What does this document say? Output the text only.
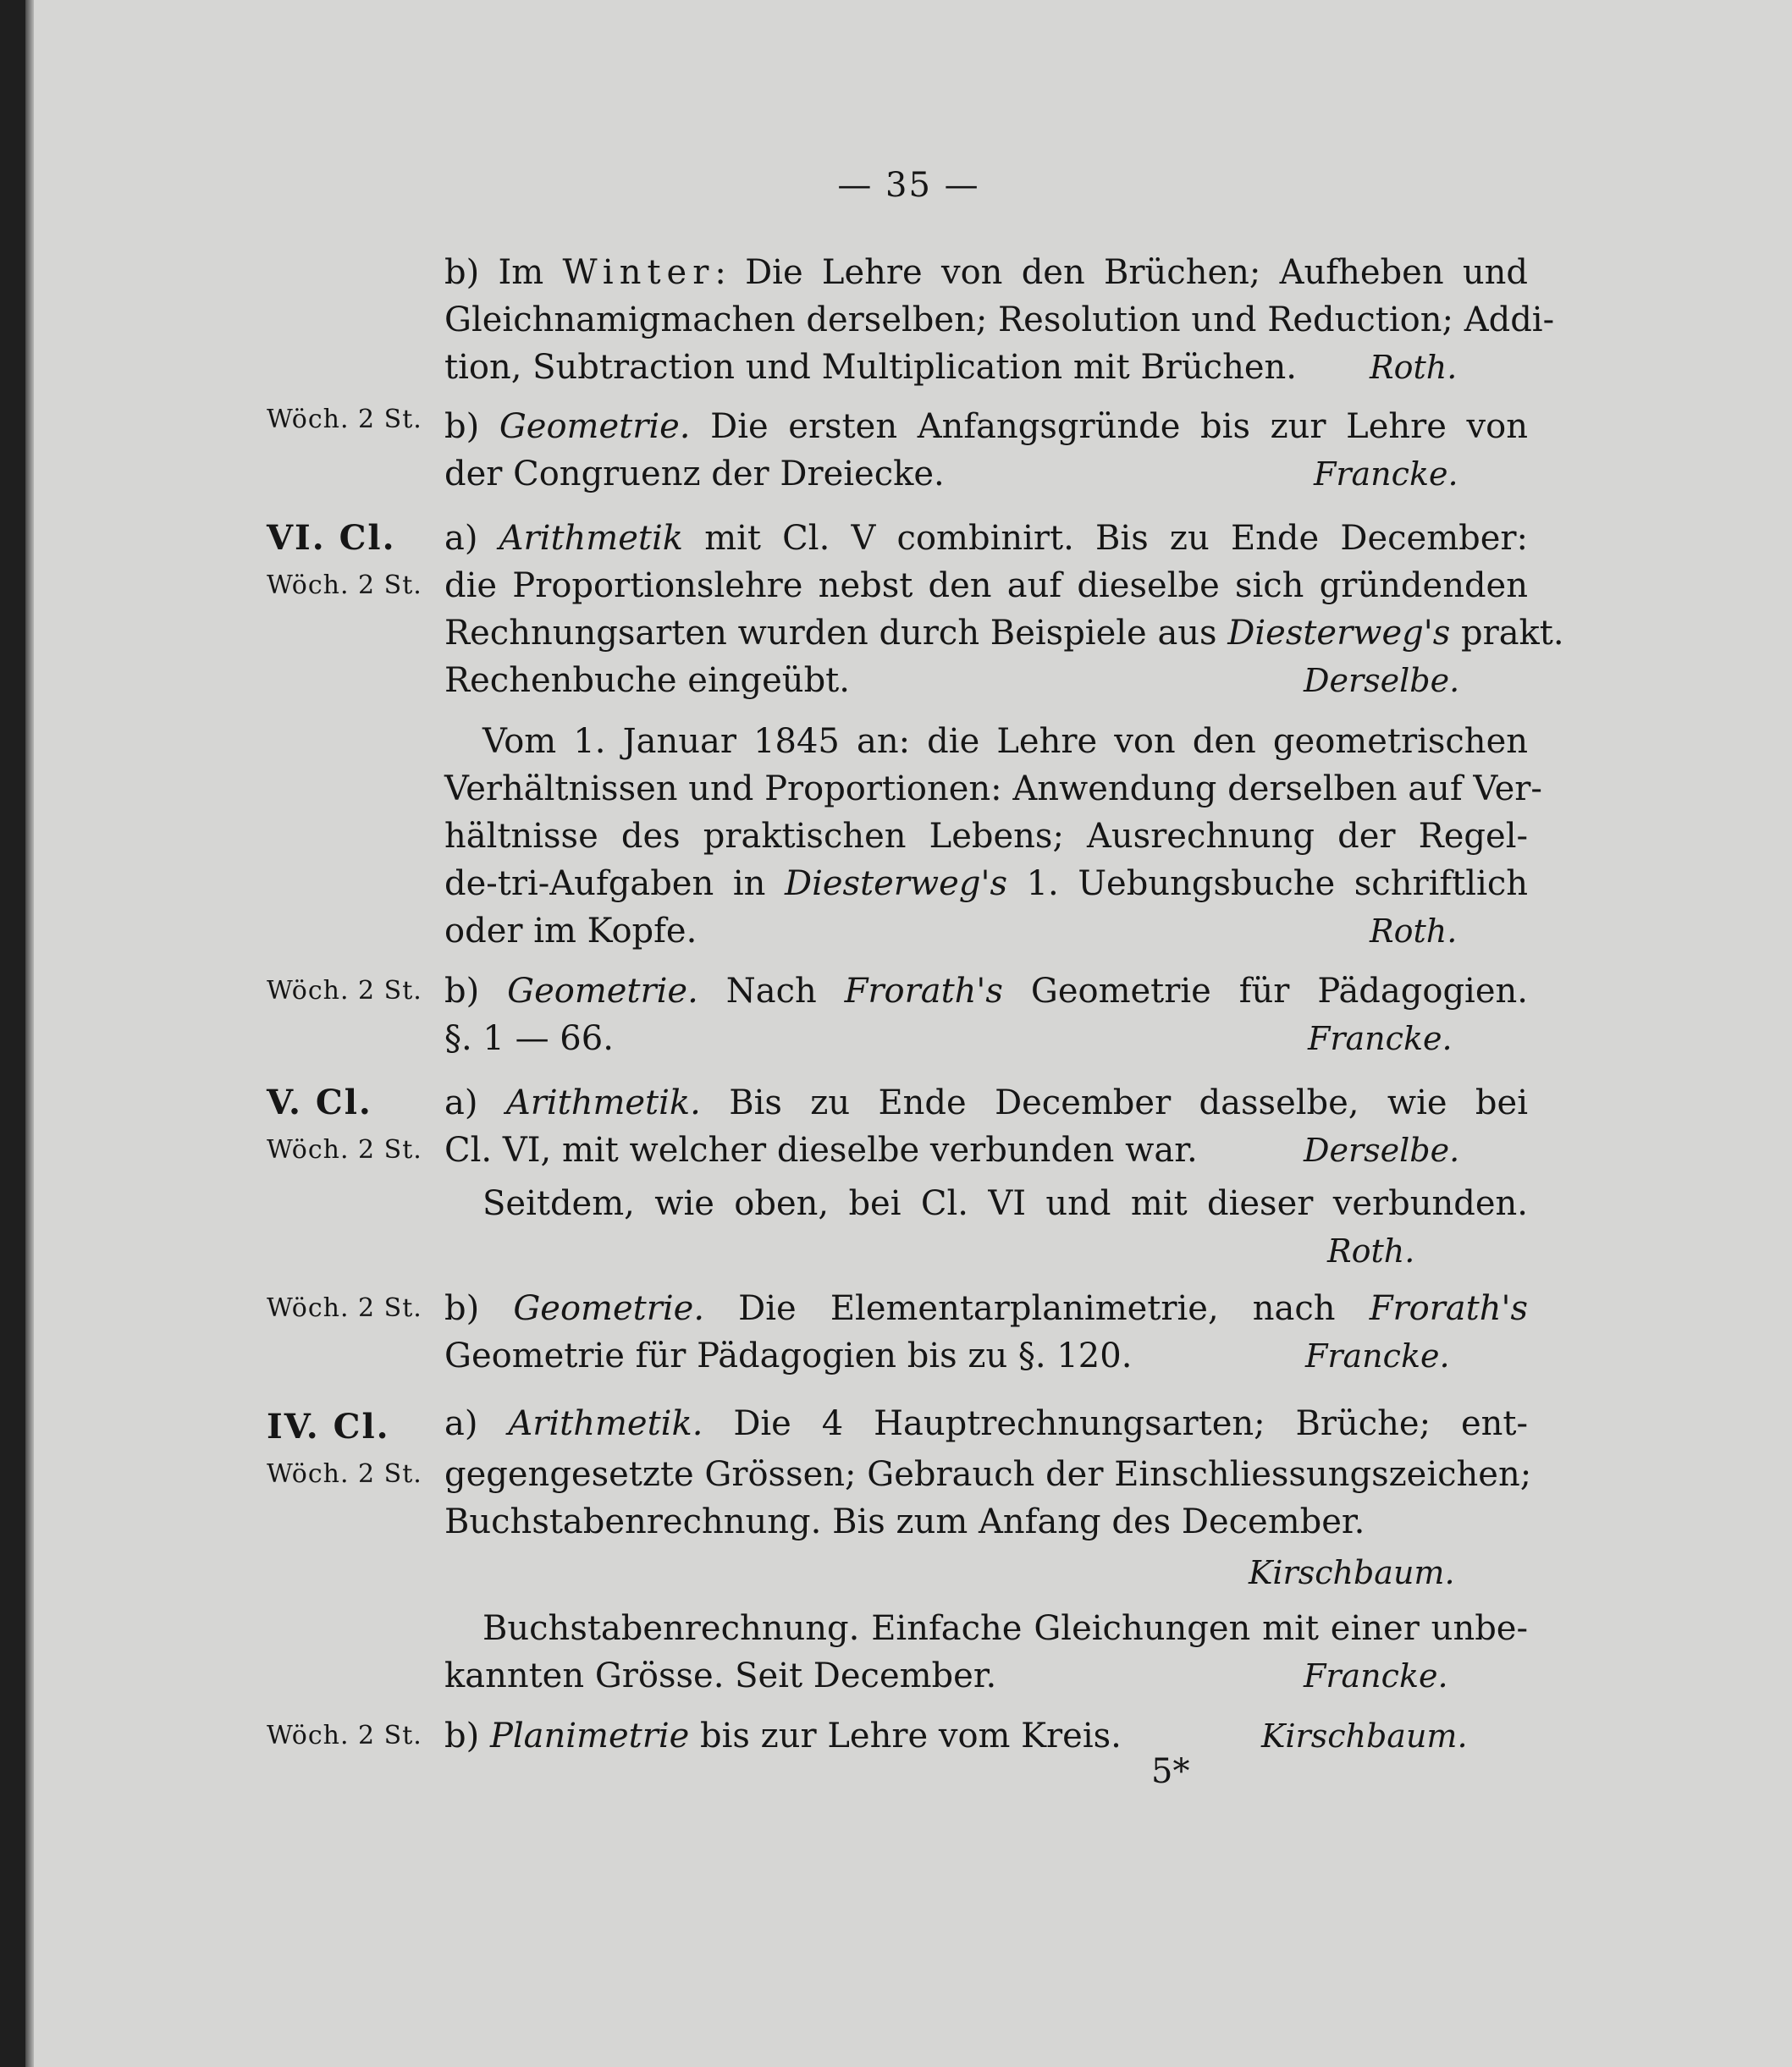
— 35 —
b) Im Winter: Die Lehre von den Brüchen; Aufheben und
Gleichnamigmachen derselben; Resolution und Reduction; Addi-
tion, Subtraction und Multiplication mit Brüchen. Roth.
Wöch. 2 St. b) Geometrie. Die ersten Anfangsgründe bis zur Lehre von
der Congruenz der Dreiecke.	Francke.
VI. Cl. a) Arithmetik mit Cl. V combinirt. Bis zu Ende December:
Wöch. 2 St. die Proportionslehre nebst den auf dieselbe sich gründenden
Rechnungsarten wurden durch Beispiele aus Diesterweg's prakt.
Rechenbuche eingeübt.	Derselbe.
Vom 1. Januar 1845 an: die Lehre von den geometrischen
Verhältnissen und Proportionen: Anwendung derselben auf Ver-
hältnisse des praktischen Lebens; Ausrechnung der Regel-
de-tri-Aufgaben in Diesterweg's 1. Uebungsbuche schriftlich
oder im Kopfe.	Roth.
Wöch. 2 St. b) Geometrie. Nach Frorath's Geometrie für Pädagogien.
§. 1 — 66.	Francke.
V. Cl. a) Arithmetik. Bis zu Ende December dasselbe, wie bei
Wöch. 2 St. Cl. VI, mit welcher dieselbe verbunden war.	Derselbe.
Seitdem, wie oben, bei Cl. VI und mit dieser verbunden.
Roth.
Wöch. 2 St. b) Geometrie. Die Elementarplanimetrie, nach Frorath's
Geometrie für Pädagogien bis zu §. 120.	Francke.
IV. Cl. a) Arithmetik. Die 4 Hauptrechnungsarten; Brüche; ent-
Wöch. 2 St. gegengesetzte Grössen; Gebrauch der Einschliessungszeichen;
Buchstabenrechnung. Bis zum Anfang des December.
Kirschbaum.
Buchstabenrechnung. Einfache Gleichungen mit einer unbe-
kannten Grösse. Seit December.	Francke.
Wöch. 2 St. b) Planimetrie bis zur Lehre vom Kreis.	Kirschbaum.
5*
